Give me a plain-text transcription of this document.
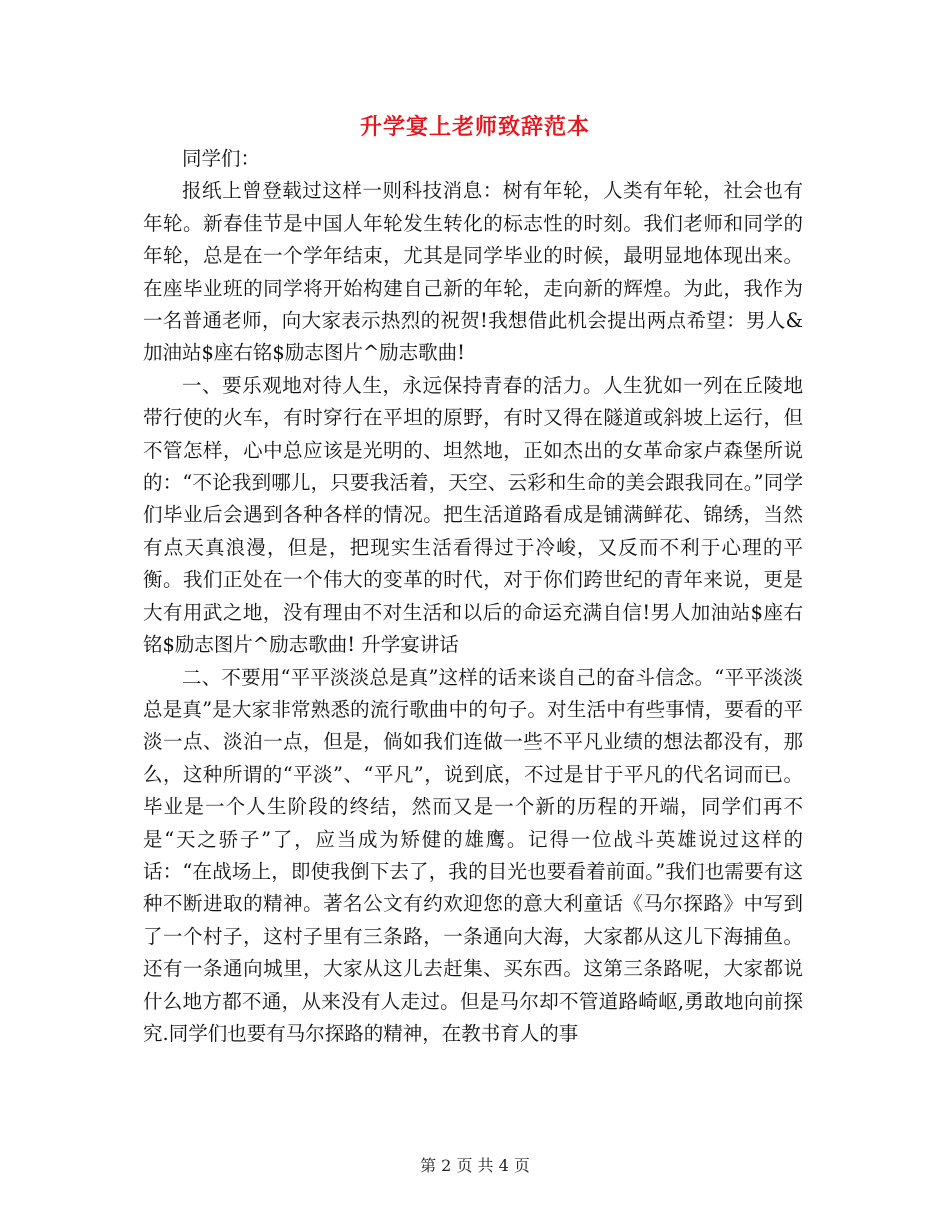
升学宴上老师致辞范本

同学们：

报纸上曾登载过这样一则科技消息：树有年轮，人类有年轮，社会也有年轮。新春佳节是中国人年轮发生转化的标志性的时刻。我们老师和同学的年轮，总是在一个学年结束，尤其是同学毕业的时候，最明显地体现出来。在座毕业班的同学将开始构建自己新的年轮，走向新的辉煌。为此，我作为一名普通老师，向大家表示热烈的祝贺!我想借此机会提出两点希望：男人&加油站$座右铭$励志图片^励志歌曲!

一、要乐观地对待人生，永远保持青春的活力。人生犹如一列在丘陵地带行使的火车，有时穿行在平坦的原野，有时又得在隧道或斜坡上运行，但不管怎样，心中总应该是光明的、坦然地，正如杰出的女革命家卢森堡所说的：“不论我到哪儿，只要我活着，天空、云彩和生命的美会跟我同在。”同学们毕业后会遇到各种各样的情况。把生活道路看成是铺满鲜花、锦绣，当然有点天真浪漫，但是，把现实生活看得过于冷峻，又反而不利于心理的平衡。我们正处在一个伟大的变革的时代，对于你们跨世纪的青年来说，更是大有用武之地，没有理由不对生活和以后的命运充满自信!男人加油站$座右铭$励志图片^励志歌曲! 升学宴讲话

二、不要用“平平淡淡总是真”这样的话来谈自己的奋斗信念。“平平淡淡总是真”是大家非常熟悉的流行歌曲中的句子。对生活中有些事情，要看的平淡一点、淡泊一点，但是，倘如我们连做一些不平凡业绩的想法都没有，那么，这种所谓的“平淡”、“平凡”，说到底，不过是甘于平凡的代名词而已。毕业是一个人生阶段的终结，然而又是一个新的历程的开端，同学们再不是“天之骄子”了，应当成为矫健的雄鹰。记得一位战斗英雄说过这样的话：“在战场上，即使我倒下去了，我的目光也要看着前面。”我们也需要有这种不断进取的精神。著名公文有约欢迎您的意大利童话《马尔探路》中写到了一个村子，这村子里有三条路，一条通向大海，大家都从这儿下海捕鱼。还有一条通向城里，大家从这儿去赶集、买东西。这第三条路呢，大家都说什么地方都不通，从来没有人走过。但是马尔却不管道路崎岖,勇敢地向前探究.同学们也要有马尔探路的精神，在教书育人的事

第 2 页 共 4 页
